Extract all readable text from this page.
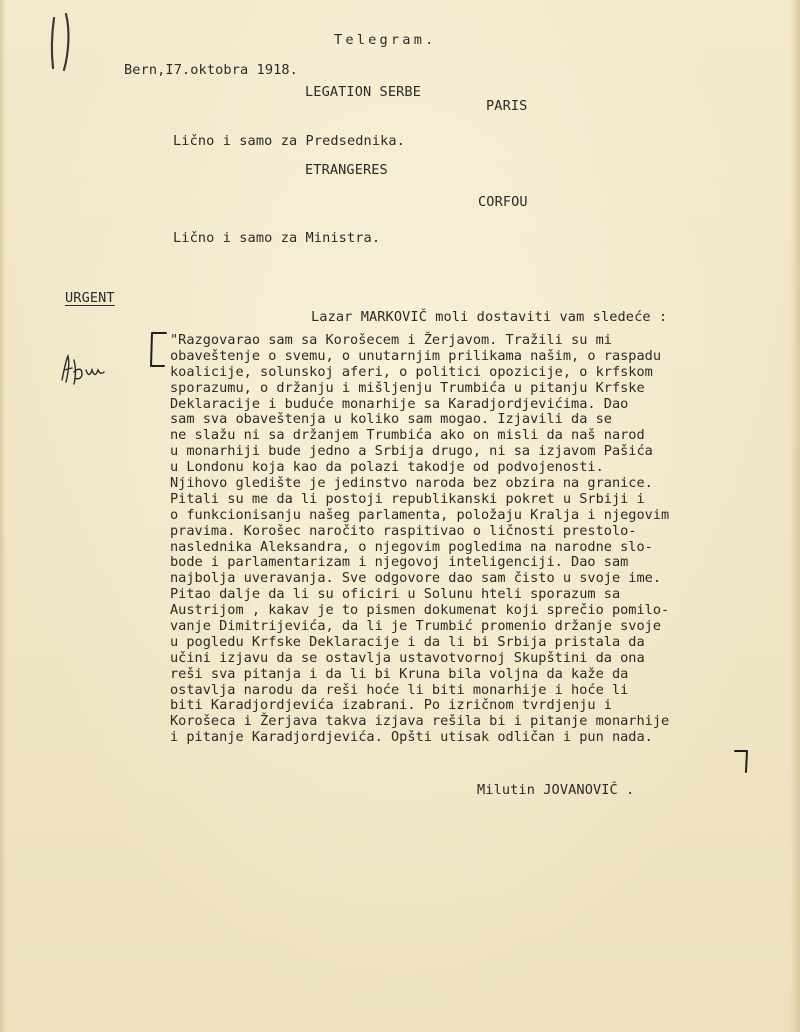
Telegram.
Bern,I7.oktobra 1918.
LEGATION SERBE
PARIS
Lično i samo za Predsednika.
ETRANGERES
CORFOU
Lično i samo za Ministra.
URGENT
Lazar MARKOVIČ moli dostaviti vam sledeće :
"Razgovarao sam sa Korošecem i Žerjavom. Tražili su mi
obaveštenje o svemu, o unutarnjim prilikama našim, o raspadu
koalicije, solunskoj aferi, o politici opozicije, o krfskom
sporazumu, o držanju i mišljenju Trumbića u pitanju Krfske
Deklaracije i buduće monarhije sa Karadjordjevićima. Dao
sam sva obaveštenja u koliko sam mogao. Izjavili da se
ne slažu ni sa držanjem Trumbića ako on misli da naš narod
u monarhiji bude jedno a Srbija drugo, ni sa izjavom Pašića
u Londonu koja kao da polazi takodje od podvojenosti.
Njihovo gledište je jedinstvo naroda bez obzira na granice.
Pitali su me da li postoji republikanski pokret u Srbiji i
o funkcionisanju našeg parlamenta, položaju Kralja i njegovim
pravima. Korošec naročito raspitivao o ličnosti prestolo-
naslednika Aleksandra, o njegovim pogledima na narodne slo-
bode i parlamentarizam i njegovoj inteligenciji. Dao sam
najbolja uveravanja. Sve odgovore dao sam čisto u svoje ime.
Pitao dalje da li su oficiri u Solunu hteli sporazum sa
Austrijom , kakav je to pismen dokumenat koji sprečio pomilo-
vanje Dimitrijevića, da li je Trumbić promenio držanje svoje
u pogledu Krfske Deklaracije i da li bi Srbija pristala da
učini izjavu da se ostavlja ustavotvornoj Skupštini da ona
reši sva pitanja i da li bi Kruna bila voljna da kaže da
ostavlja narodu da reši hoće li biti monarhije i hoće li
biti Karadjordjevića izabrani. Po izričnom tvrdjenju i
Korošeca i Žerjava takva izjava rešila bi i pitanje monarhije
i pitanje Karadjordjevića. Opšti utisak odličan i pun nada.
Milutin JOVANOVIČ .
